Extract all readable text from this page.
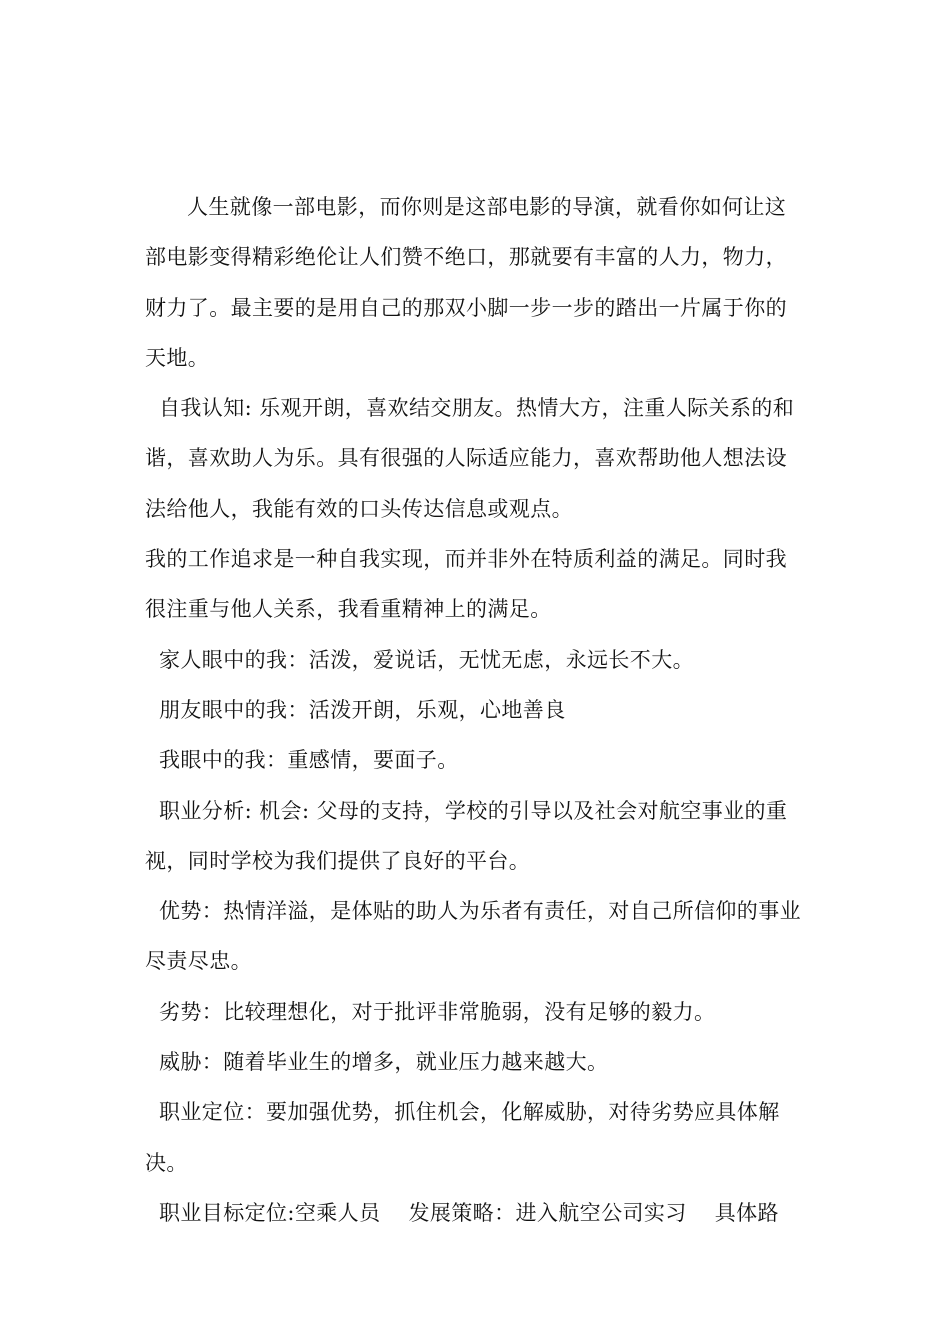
人生就像一部电影，而你则是这部电影的导演，就看你如何让这部电影变得精彩绝伦让人们赞不绝口，那就要有丰富的人力，物力，财力了。最主要的是用自己的那双小脚一步一步的踏出一片属于你的天地。

自我认知: 乐观开朗，喜欢结交朋友。热情大方，注重人际关系的和谐，喜欢助人为乐。具有很强的人际适应能力，喜欢帮助他人想法设法给他人，我能有效的口头传达信息或观点。

我的工作追求是一种自我实现，而并非外在特质利益的满足。同时我很注重与他人关系，我看重精神上的满足。

家人眼中的我：活泼，爱说话，无忧无虑，永远长不大。

朋友眼中的我：活泼开朗，乐观，心地善良

我眼中的我：重感情，要面子。

职业分析: 机会: 父母的支持，学校的引导以及社会对航空事业的重视，同时学校为我们提供了良好的平台。

优势：热情洋溢，是体贴的助人为乐者有责任，对自己所信仰的事业尽责尽忠。

劣势：比较理想化，对于批评非常脆弱，没有足够的毅力。

威胁：随着毕业生的增多，就业压力越来越大。

职业定位：要加强优势，抓住机会，化解威胁，对待劣势应具体解决。

职业目标定位:空乘人员 发展策略：进入航空公司实习 具体路
